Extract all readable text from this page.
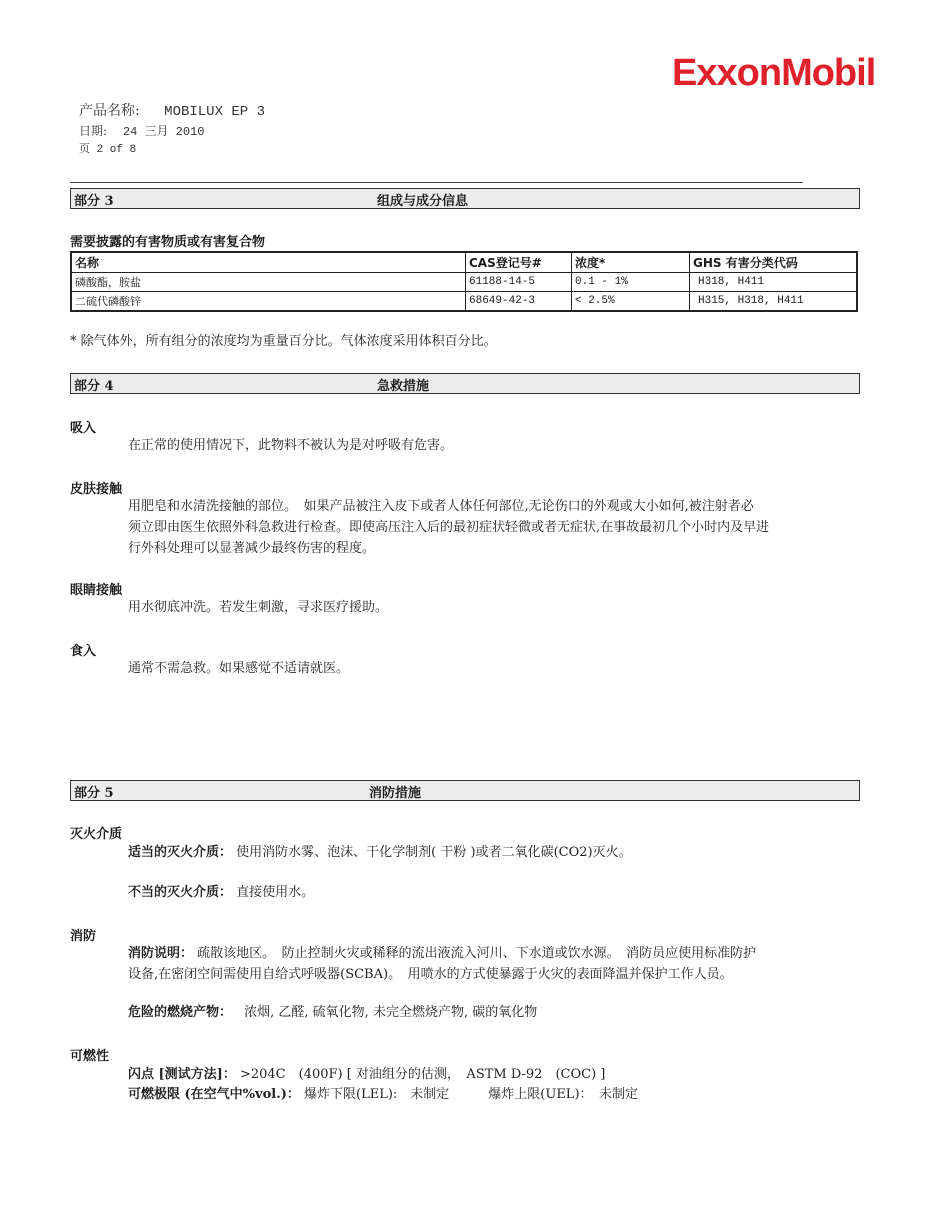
ExxonMobil
产品名称: MOBILUX EP 3
日期: 24 三月 2010
页 2 of 8
部分 3	组成与成分信息
需要披露的有害物质或有害复合物
名称	CAS登记号#	浓度*	GHS 有害分类代码
磷酸酯，胺盐	61188-14-5	0.1 - 1%	H318, H411
二硫代磷酸锌	68649-42-3	< 2.5%	H315, H318, H411
* 除气体外，所有组分的浓度均为重量百分比。气体浓度采用体积百分比。
部分 4	急救措施
吸入
在正常的使用情况下，此物料不被认为是对呼吸有危害。
皮肤接触
用肥皂和水清洗接触的部位。　如果产品被注入皮下或者人体任何部位,无论伤口的外观或大小如何,被注射者必
须立即由医生依照外科急救进行检查。即使高压注入后的最初症状轻微或者无症状,在事故最初几个小时内及早进
行外科处理可以显著减少最终伤害的程度。
眼睛接触
用水彻底冲洗。若发生刺激，寻求医疗援助。
食入
通常不需急救。如果感觉不适请就医。
部分 5	消防措施
灭火介质
适当的灭火介质： 使用消防水雾、泡沫、干化学制剂( 干粉 )或者二氧化碳(CO2)灭火。
不当的灭火介质： 直接使用水。
消防
消防说明： 疏散该地区。　防止控制火灾或稀释的流出液流入河川、下水道或饮水源。　消防员应使用标准防护
设备,在密闭空间需使用自给式呼吸器(SCBA)。　用喷水的方式使暴露于火灾的表面降温并保护工作人员。
危险的燃烧产物： 浓烟, 乙醛, 硫氧化物, 未完全燃烧产物, 碳的氧化物
可燃性
闪点 [测试方法]： >204C　(400F) [ 对油组分的估测，　ASTM D-92　(COC) ]
可燃极限 (在空气中%vol.)： 爆炸下限(LEL):　未制定　　　爆炸上限(UEL)：　未制定
